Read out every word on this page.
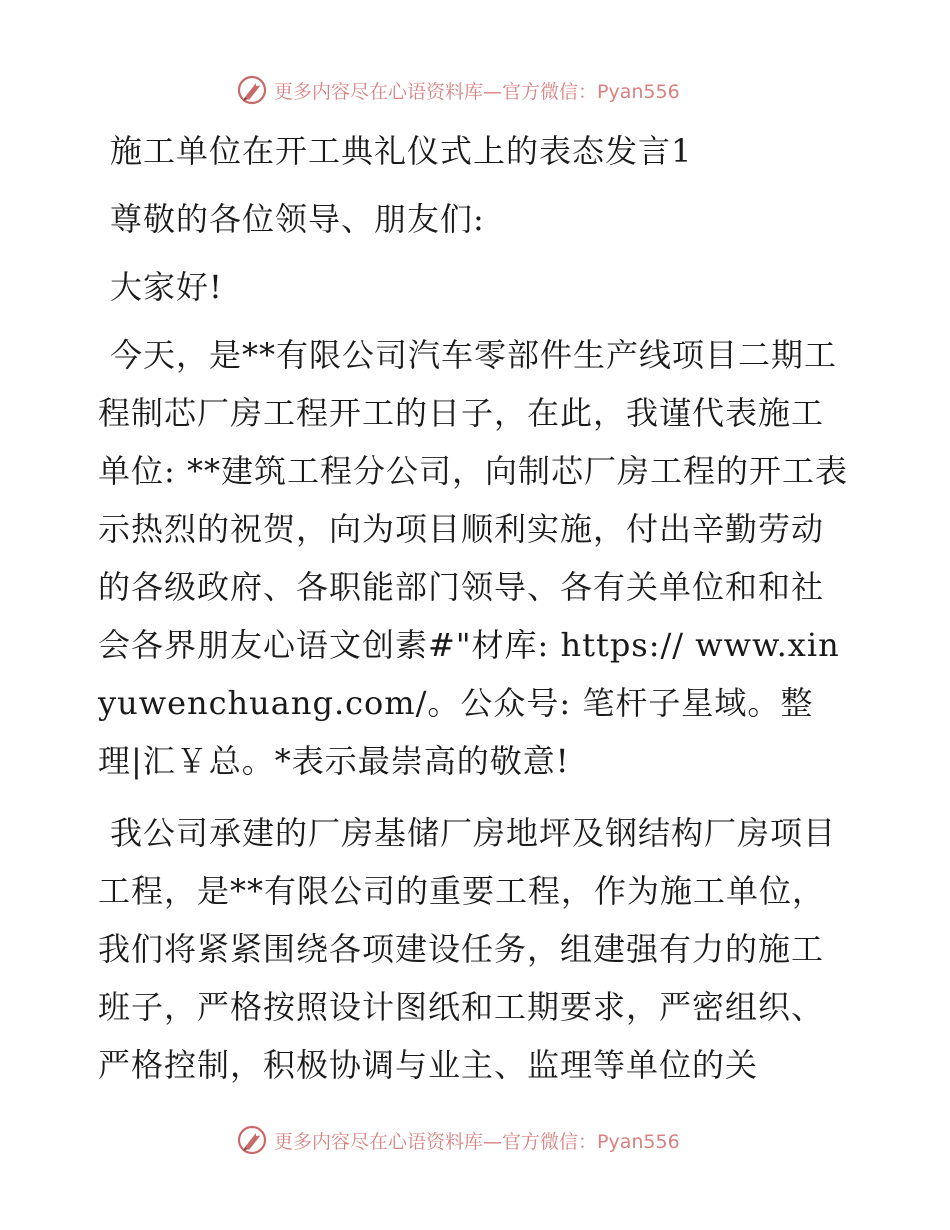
更多内容尽在心语资料库—官方微信：Pyan556

施工单位在开工典礼仪式上的表态发言1

尊敬的各位领导、朋友们:

大家好!

今天，是**有限公司汽车零部件生产线项目二期工程制芯厂房工程开工的日子，在此，我谨代表施工单位: **建筑工程分公司，向制芯厂房工程的开工表示热烈的祝贺，向为项目顺利实施，付出辛勤劳动的各级政府、各职能部门领导、各有关单位和和社会各界朋友心语文创素#"材库: https:// www.xinyuwenchuang.com/。公众号: 笔杆子星域。整理|汇￥总。*表示最崇高的敬意!

我公司承建的厂房基储厂房地坪及钢结构厂房项目工程，是**有限公司的重要工程，作为施工单位，我们将紧紧围绕各项建设任务，组建强有力的施工班子，严格按照设计图纸和工期要求，严密组织、严格控制，积极协调与业主、监理等单位的关

更多内容尽在心语资料库—官方微信：Pyan556
